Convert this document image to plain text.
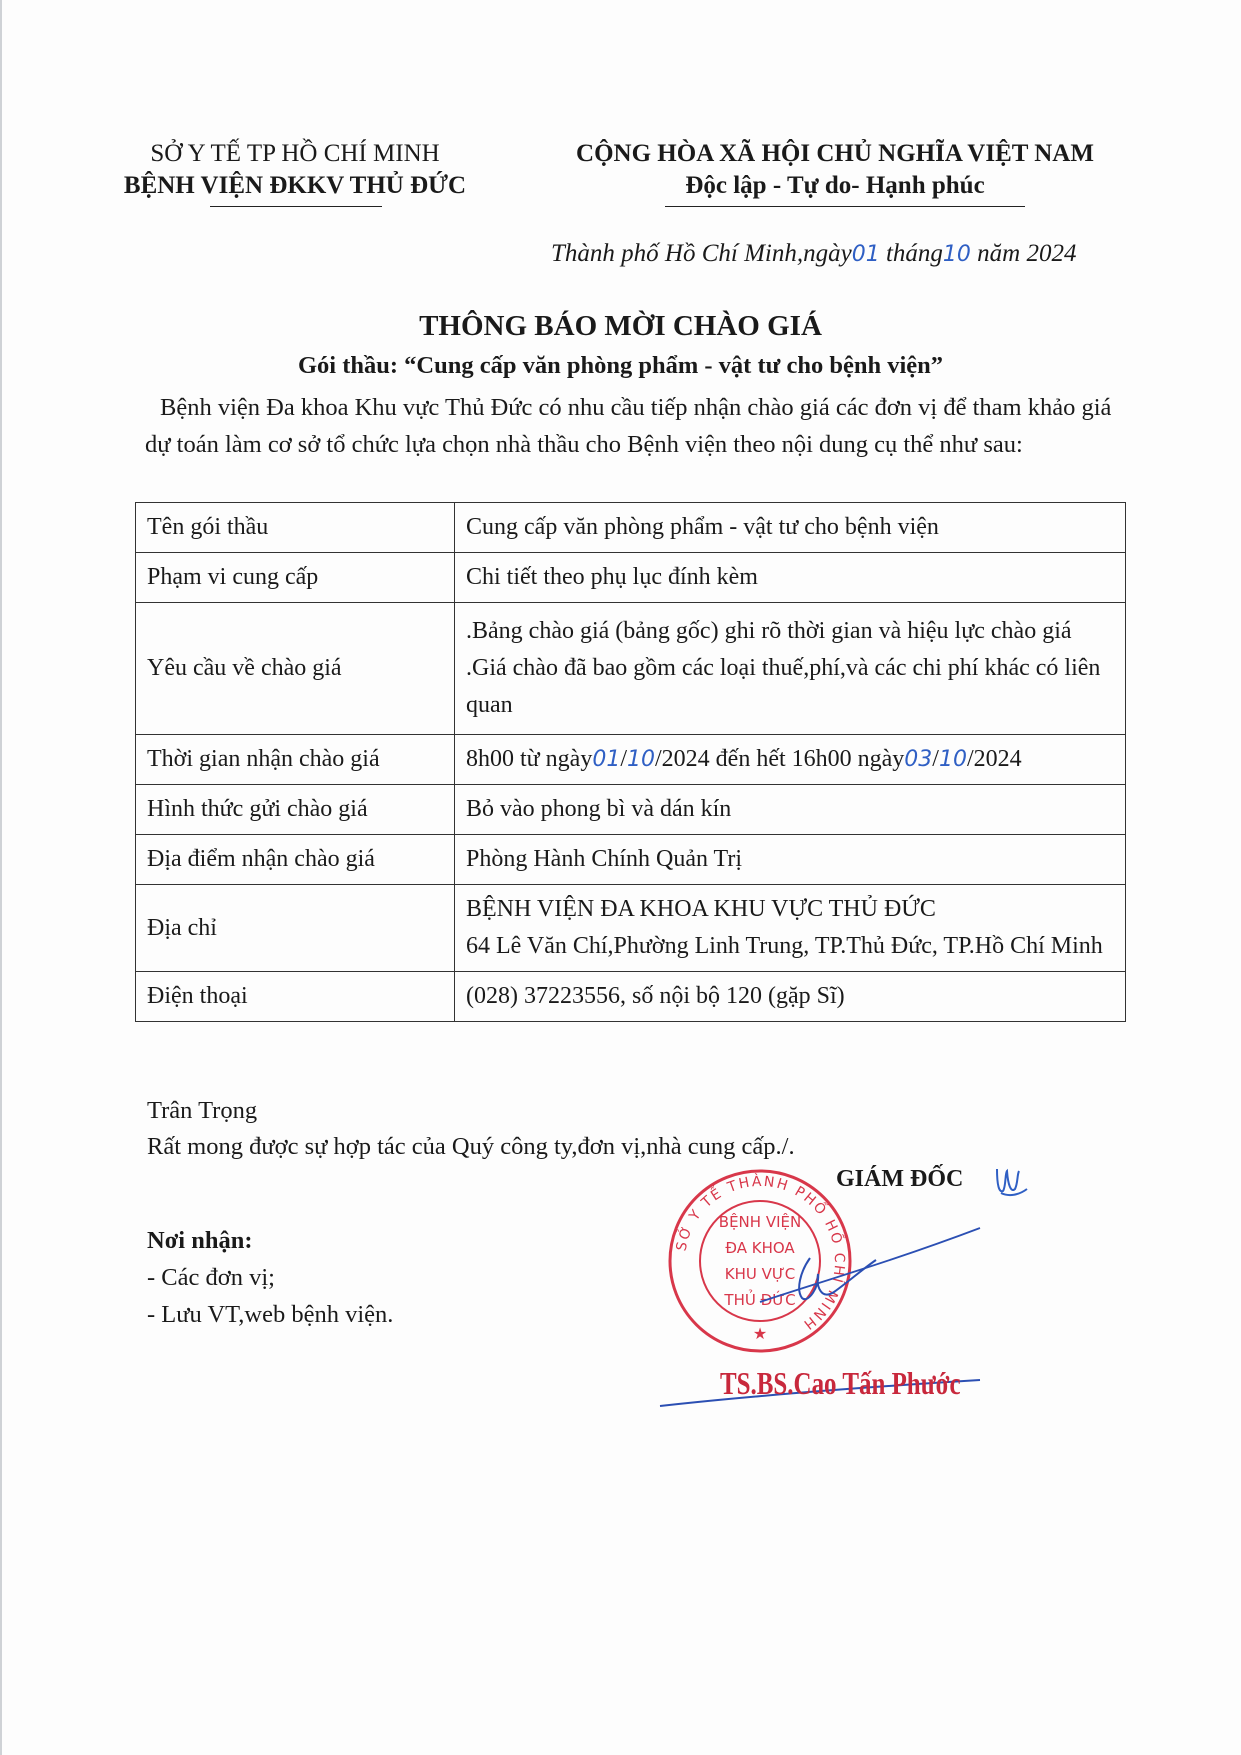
SỞ Y TẾ TP HỒ CHÍ MINH
BỆNH VIỆN ĐKKV THỦ ĐỨC
CỘNG HÒA XÃ HỘI CHỦ NGHĨA VIỆT NAM
Độc lập - Tự do- Hạnh phúc
Thành phố Hồ Chí Minh,ngày01 tháng10 năm 2024
THÔNG BÁO MỜI CHÀO GIÁ
Gói thầu: “Cung cấp văn phòng phẩm - vật tư cho bệnh viện”
Bệnh viện Đa khoa Khu vực Thủ Đức có nhu cầu tiếp nhận chào giá các đơn vị để tham khảo giá dự toán làm cơ sở tổ chức lựa chọn nhà thầu cho Bệnh viện theo nội dung cụ thể như sau:
Tên gói thầu	Cung cấp văn phòng phẩm - vật tư cho bệnh viện
Phạm vi cung cấp	Chi tiết theo phụ lục đính kèm
Yêu cầu về chào giá	.Bảng chào giá (bảng gốc) ghi rõ thời gian và hiệu lực chào giá
.Giá chào đã bao gồm các loại thuế,phí,và các chi phí khác có liên quan

Thời gian nhận chào giá	8h00 từ ngày01/10/2024 đến hết 16h00 ngày03/10/2024
Hình thức gửi chào giá	Bỏ vào phong bì và dán kín
Địa điểm nhận chào giá	Phòng Hành Chính Quản Trị
Địa chỉ	BỆNH VIỆN ĐA KHOA KHU VỰC THỦ ĐỨC
64 Lê Văn Chí,Phường Linh Trung, TP.Thủ Đức, TP.Hồ Chí Minh

Điện thoại	(028) 37223556, số nội bộ 120 (gặp Sĩ)
Trân Trọng
Rất mong được sự hợp tác của Quý công ty,đơn vị,nhà cung cấp./.
Nơi nhận:
- Các đơn vị;
- Lưu VT,web bệnh viện.
GIÁM ĐỐC
SỞ Y TẾ THÀNH PHỐ HỒ CHÍ MINH
BỆNH VIỆN
ĐA KHOA
KHU VỰC
THỦ ĐỨC
★
TS.BS.Cao Tấn Phước
